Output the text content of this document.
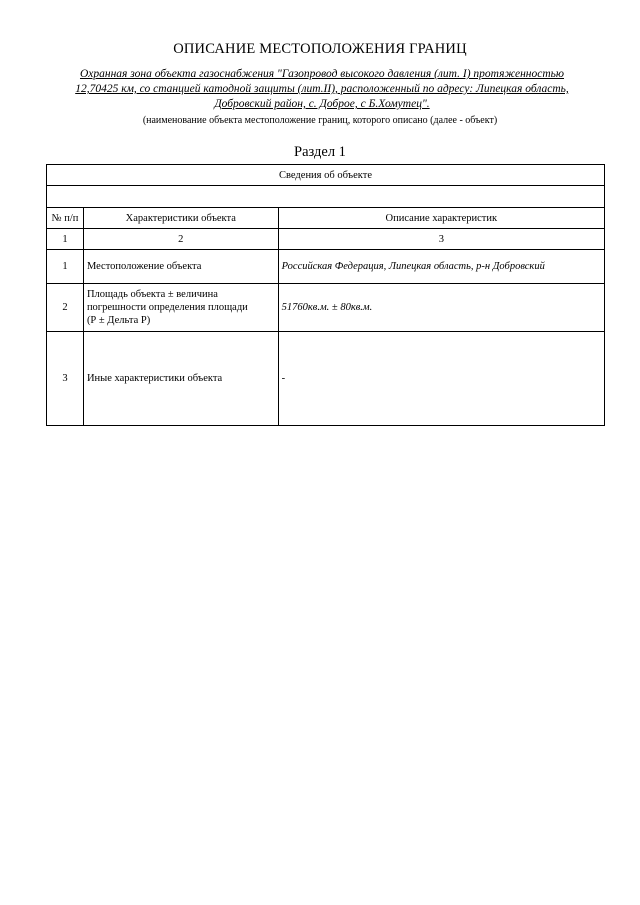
ОПИСАНИЕ МЕСТОПОЛОЖЕНИЯ ГРАНИЦ
Охранная зона объекта газоснабжения "Газопровод высокого давления (лит. I) протяженностью
12,70425 км, со станцией катодной защиты (лит.II), расположенный по адресу: Липецкая область,
Добровский район, с. Доброе, с Б.Хомутец".
(наименование объекта местоположение границ, которого описано (далее - объект)
Раздел 1
Сведения об объекте		

№ п/п	Характеристики объекта	Описание характеристик
1	2	3
1	Местоположение объекта	Российская Федерация, Липецкая область, р-н Добровский
2	Площадь объекта ± величина
погрешности определения площади
(Р ± Дельта Р)	51760кв.м. ± 80кв.м.
3	Иные характеристики объекта	-
